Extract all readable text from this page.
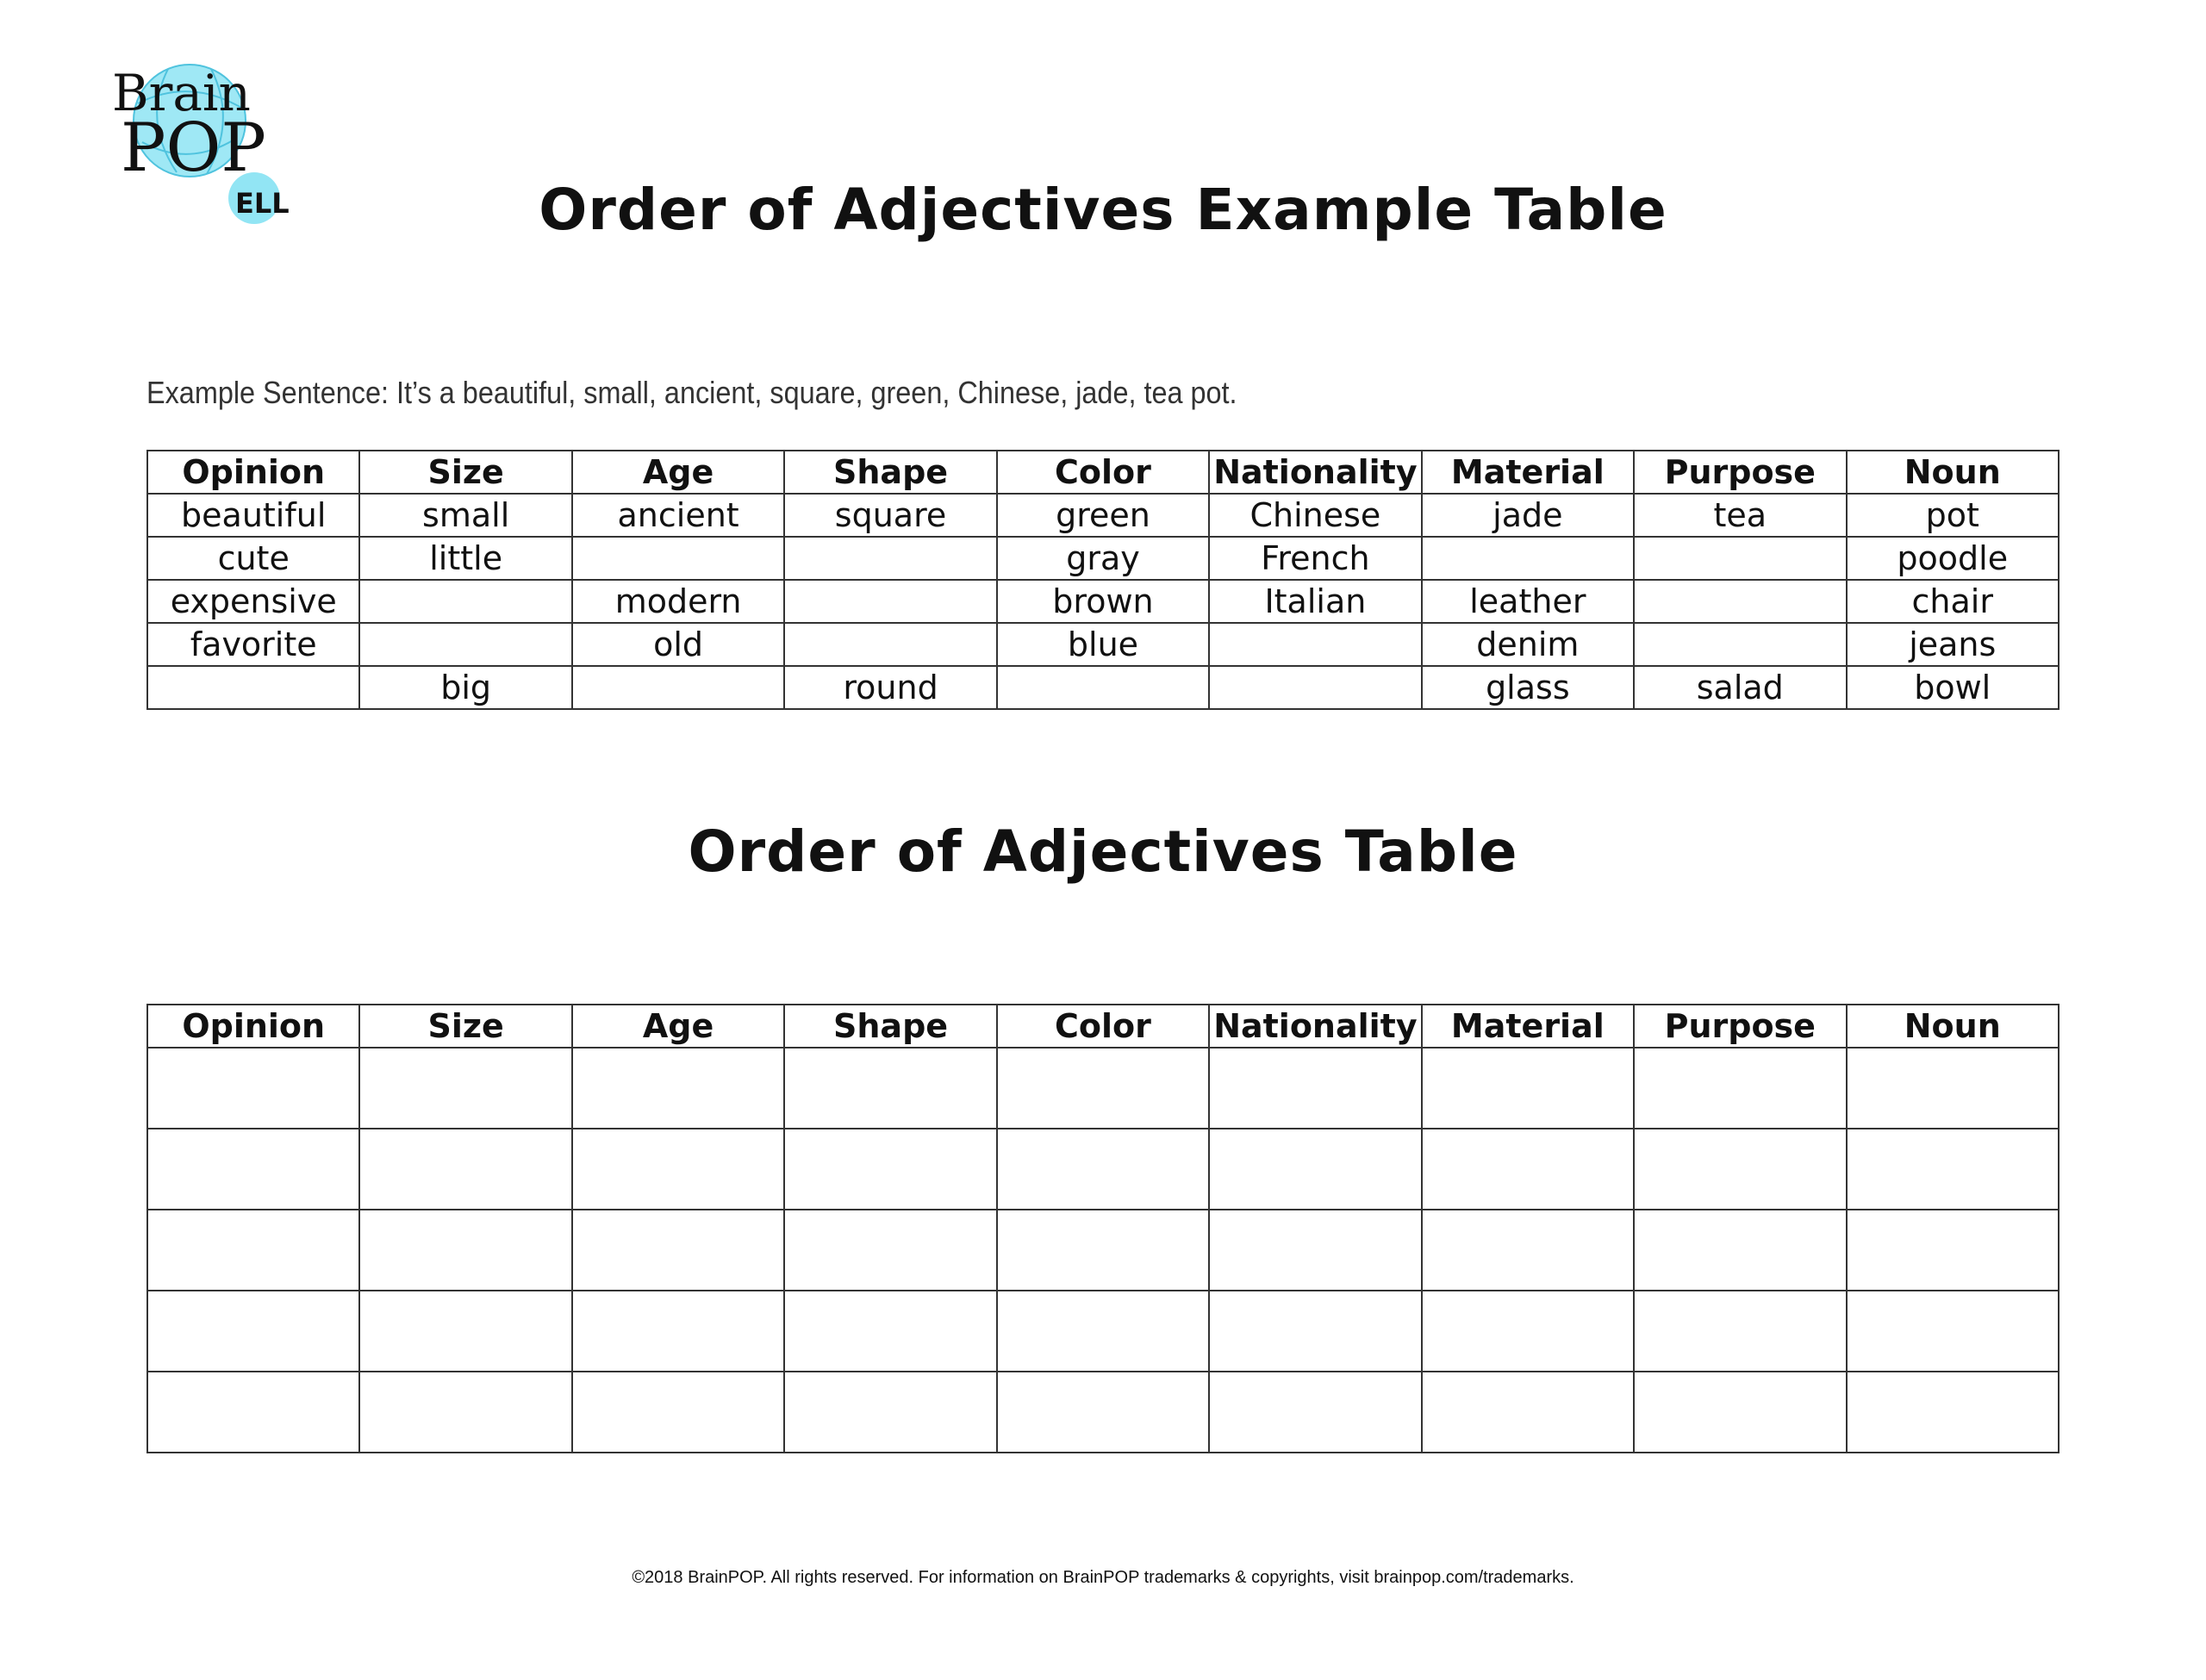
Brain
POP
ELL	Order of Adjectives Example Table
Example Sentence: It’s a beautiful, small, ancient, square, green, Chinese, jade, tea pot.
Opinion	Size	Age	Shape	Color	Nationality	Material	Purpose	Noun
beautiful	small	ancient	square	green	Chinese	jade	tea	pot
cute	little			gray	French			poodle
expensive		modern		brown	Italian	leather		chair
favorite		old		blue		denim		jeans
	big		round			glass	salad	bowl
Order of Adjectives Table
Opinion	Size	Age	Shape	Color	Nationality	Material	Purpose	Noun

©2018 BrainPOP. All rights reserved. For information on BrainPOP trademarks & copyrights, visit brainpop.com/trademarks.
